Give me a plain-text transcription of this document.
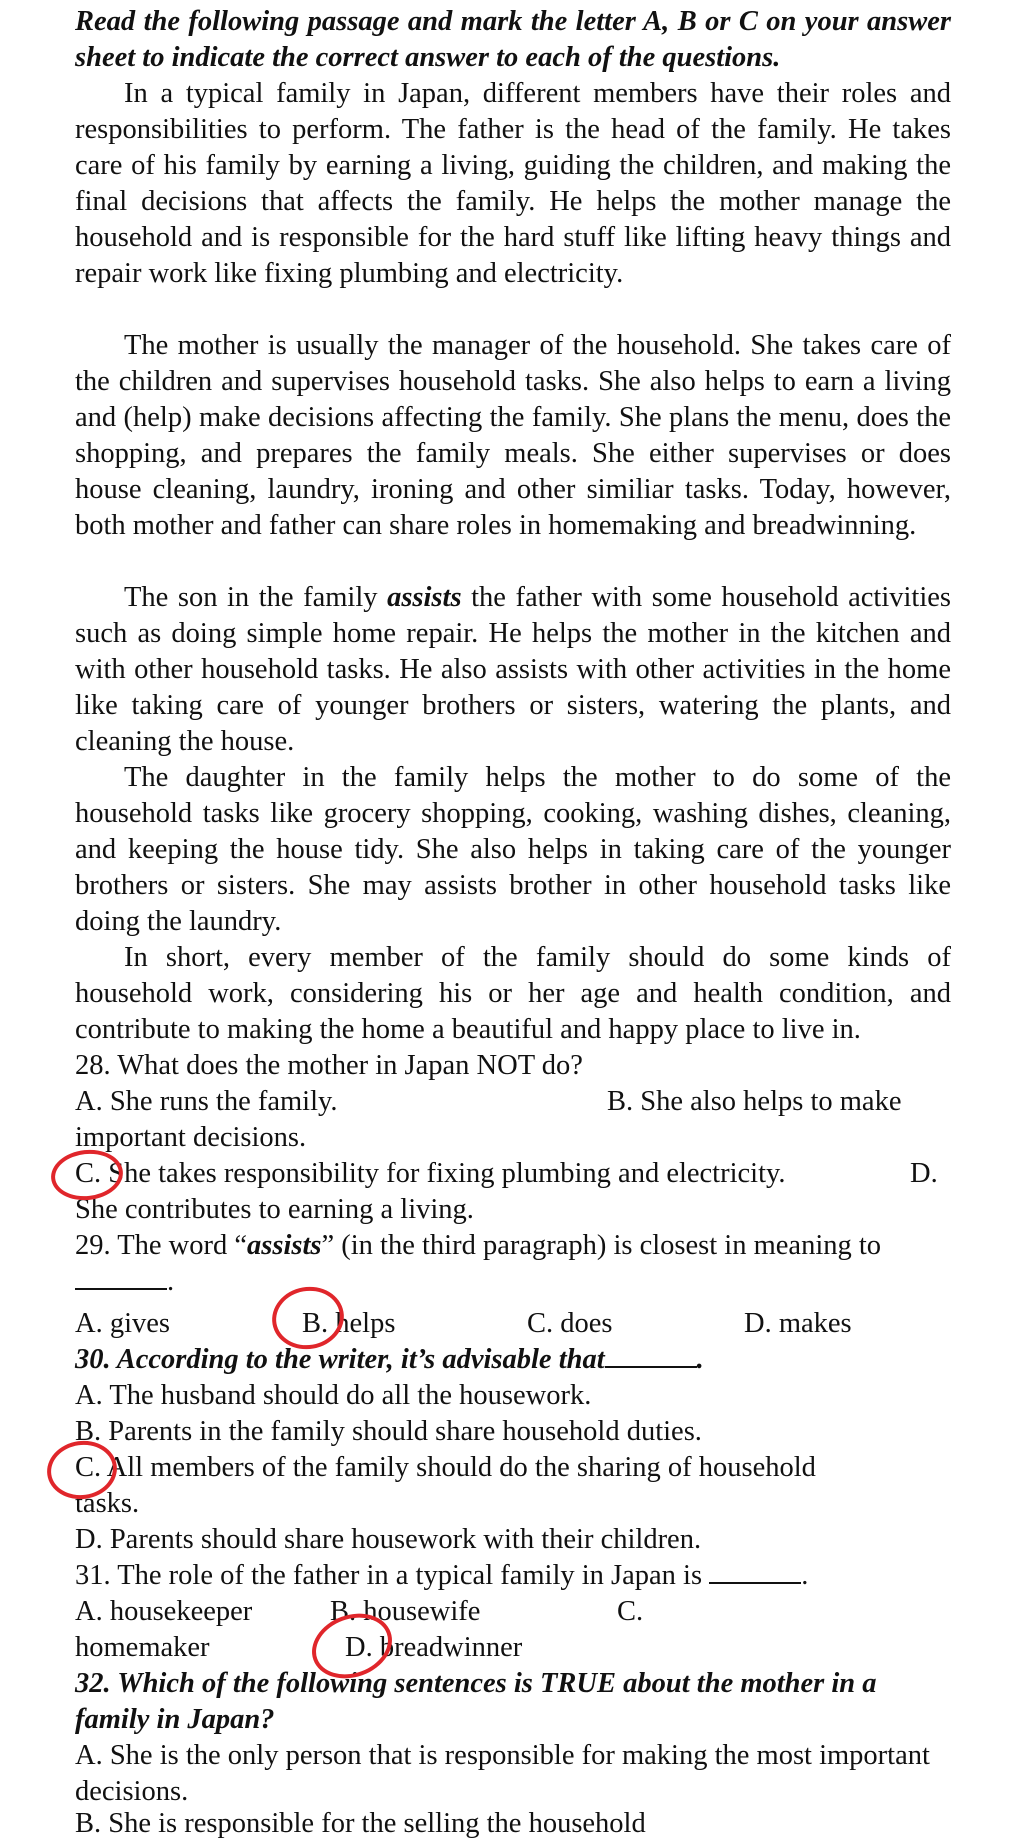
Read the following passage and mark the letter A, B or C on your answer sheet to indicate the correct answer to each of the questions.
In a typical family in Japan, different members have their roles and responsibilities to perform. The father is the head of the family. He takes care of his family by earning a living, guiding the children, and making the final decisions that affects the family. He helps the mother manage the household and is responsible for the hard stuff like lifting heavy things and repair work like fixing plumbing and electricity.
The mother is usually the manager of the household. She takes care of the children and supervises household tasks. She also helps to earn a living and (help) make decisions affecting the family. She plans the menu, does the shopping, and prepares the family meals. She either supervises or does house cleaning, laundry, ironing and other similiar tasks. Today, however, both mother and father can share roles in homemaking and breadwinning.
The son in the family assists the father with some household activities such as doing simple home repair. He helps the mother in the kitchen and with other household tasks. He also assists with other activities in the home like taking care of younger brothers or sisters, watering the plants, and cleaning the house.
The daughter in the family helps the mother to do some of the household tasks like grocery shopping, cooking, washing dishes, cleaning, and keeping the house tidy. She also helps in taking care of the younger brothers or sisters. She may assists brother in other household tasks like doing the laundry.
In short, every member of the family should do some kinds of household work, considering his or her age and health condition, and contribute to making the home a beautiful and happy place to live in.
28. What does the mother in Japan NOT do?
A. She runs the family.	B. She also helps to make
important decisions.
C. She takes responsibility for fixing plumbing and electricity.	D.
She contributes to earning a living.
29. The word “assists” (in the third paragraph) is closest in meaning to
.
A. gives	B. helps	C. does	D. makes
30. According to the writer, it’s advisable that	.
A. The husband should do all the housework.
B. Parents in the family should share household duties.
C. All members of the family should do the sharing of household
tasks.
D. Parents should share housework with their children.
31. The role of the father in a typical family in Japan is	.
A. housekeeper	B. housewife	C.
homemaker	D. breadwinner
32. Which of the following sentences is TRUE about the mother in a family in Japan?
A. She is the only person that is responsible for making the most important decisions.
B. She is responsible for the selling the household
